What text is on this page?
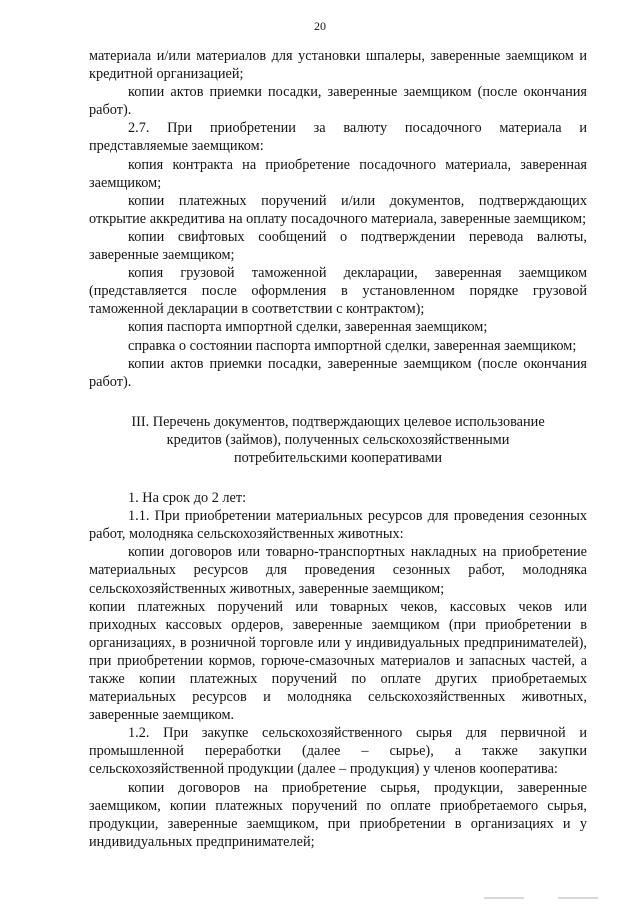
20

материала и/или материалов для установки шпалеры, заверенные заемщиком и кредитной организацией;

копии актов приемки посадки, заверенные заемщиком (после окончания работ).

2.7. При приобретении за валюту посадочного материала и представляемые заемщиком:

копия контракта на приобретение посадочного материала, заверенная заемщиком;

копии платежных поручений и/или документов, подтверждающих открытие аккредитива на оплату посадочного материала, заверенные заемщиком;

копии свифтовых сообщений о подтверждении перевода валюты, заверенные заемщиком;

копия грузовой таможенной декларации, заверенная заемщиком (представляется после оформления в установленном порядке грузовой таможенной декларации в соответствии с контрактом);

копия паспорта импортной сделки, заверенная заемщиком;

справка о состоянии паспорта импортной сделки, заверенная заемщиком;

копии актов приемки посадки, заверенные заемщиком (после окончания работ).

III. Перечень документов, подтверждающих целевое использование
кредитов (займов), полученных сельскохозяйственными
потребительскими кооперативами

1. На срок до 2 лет:

1.1. При приобретении материальных ресурсов для проведения сезонных работ, молодняка сельскохозяйственных животных:

копии договоров или товарно-транспортных накладных на приобретение материальных ресурсов для проведения сезонных работ, молодняка сельскохозяйственных животных, заверенные заемщиком;

копии платежных поручений или товарных чеков, кассовых чеков или приходных кассовых ордеров, заверенные заемщиком (при приобретении в организациях, в розничной торговле или у индивидуальных предпринимателей), при приобретении кормов, горюче-смазочных материалов и запасных частей, а также копии платежных поручений по оплате других приобретаемых материальных ресурсов и молодняка сельскохозяйственных животных, заверенные заемщиком.

1.2. При закупке сельскохозяйственного сырья для первичной и промышленной переработки (далее – сырье), а также закупки сельскохозяйственной продукции (далее – продукция) у членов кооператива:

копии договоров на приобретение сырья, продукции, заверенные заемщиком, копии платежных поручений по оплате приобретаемого сырья, продукции, заверенные заемщиком, при приобретении в организациях и у индивидуальных предпринимателей;
